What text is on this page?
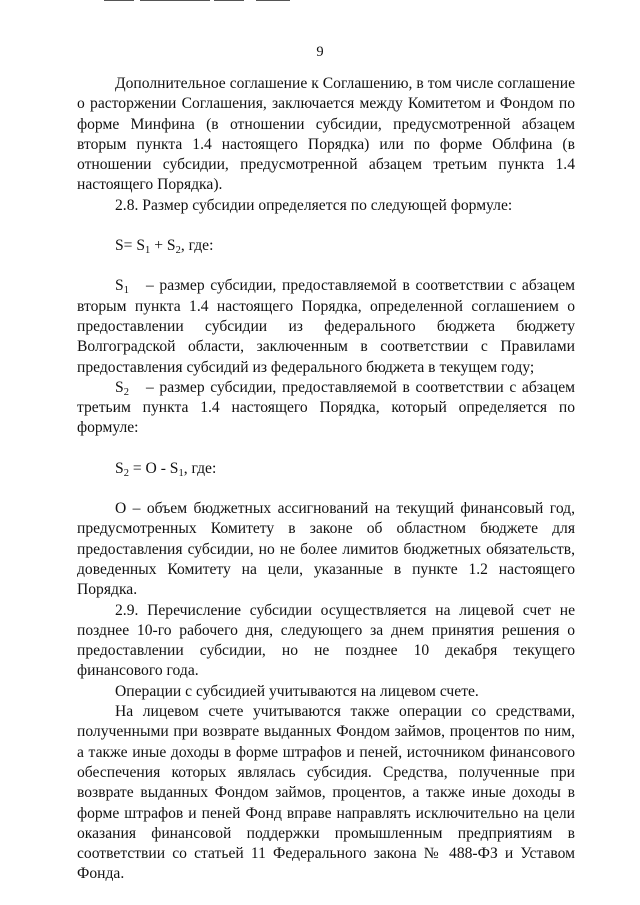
9

Дополнительное соглашение к Соглашению, в том числе соглашение о расторжении Соглашения, заключается между Комитетом и Фондом по форме Минфина (в отношении субсидии, предусмотренной абзацем вторым пункта 1.4 настоящего Порядка) или по форме Облфина (в отношении субсидии, предусмотренной абзацем третьим пункта 1.4 настоящего Порядка).

2.8. Размер субсидии определяется по следующей формуле:

$S= S_1 + S_2$, где:

$S_1$ – размер субсидии, предоставляемой в соответствии с абзацем вторым пункта 1.4 настоящего Порядка, определенной соглашением о предоставлении субсидии из федерального бюджета бюджету Волгоградской области, заключенным в соответствии с Правилами предоставления субсидий из федерального бюджета в текущем году;

$S_2$ – размер субсидии, предоставляемой в соответствии с абзацем третьим пункта 1.4 настоящего Порядка, который определяется по формуле:

$S_2 = O - S_1$, где:

О – объем бюджетных ассигнований на текущий финансовый год, предусмотренных Комитету в законе об областном бюджете для предоставления субсидии, но не более лимитов бюджетных обязательств, доведенных Комитету на цели, указанные в пункте 1.2 настоящего Порядка.

2.9. Перечисление субсидии осуществляется на лицевой счет не позднее 10-го рабочего дня, следующего за днем принятия решения о предоставлении субсидии, но не позднее 10 декабря текущего финансового года.

Операции с субсидией учитываются на лицевом счете.

На лицевом счете учитываются также операции со средствами, полученными при возврате выданных Фондом займов, процентов по ним, а также иные доходы в форме штрафов и пеней, источником финансового обеспечения которых являлась субсидия. Средства, полученные при возврате выданных Фондом займов, процентов, а также иные доходы в форме штрафов и пеней Фонд вправе направлять исключительно на цели оказания финансовой поддержки промышленным предприятиям в соответствии со статьей 11 Федерального закона № 488-ФЗ и Уставом Фонда.
